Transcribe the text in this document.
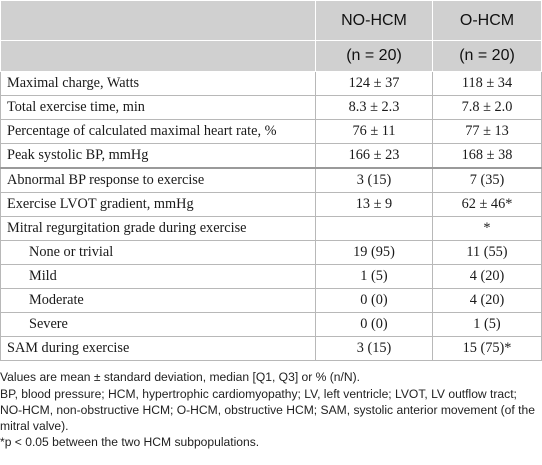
	NO-HCM	O-HCM
	(n = 20)	(n = 20)
Maximal charge, Watts	124 ± 37	118 ± 34
Total exercise time, min	8.3 ± 2.3	7.8 ± 2.0
Percentage of calculated maximal heart rate, %	76 ± 11	77 ± 13
Peak systolic BP, mmHg	166 ± 23	168 ± 38
Abnormal BP response to exercise	3 (15)	7 (35)
Exercise LVOT gradient, mmHg	13 ± 9	62 ± 46*
Mitral regurgitation grade during exercise		*
None or trivial	19 (95)	11 (55)
Mild	1 (5)	4 (20)
Moderate	0 (0)	4 (20)
Severe	0 (0)	1 (5)
SAM during exercise	3 (15)	15 (75)*

Values are mean ± standard deviation, median [Q1, Q3] or % (n/N).

BP, blood pressure; HCM, hypertrophic cardiomyopathy; LV, left ventricle; LVOT, LV outflow tract; NO-HCM, non-obstructive HCM; O-HCM, obstructive HCM; SAM, systolic anterior movement (of the mitral valve).

*p < 0.05 between the two HCM subpopulations.
